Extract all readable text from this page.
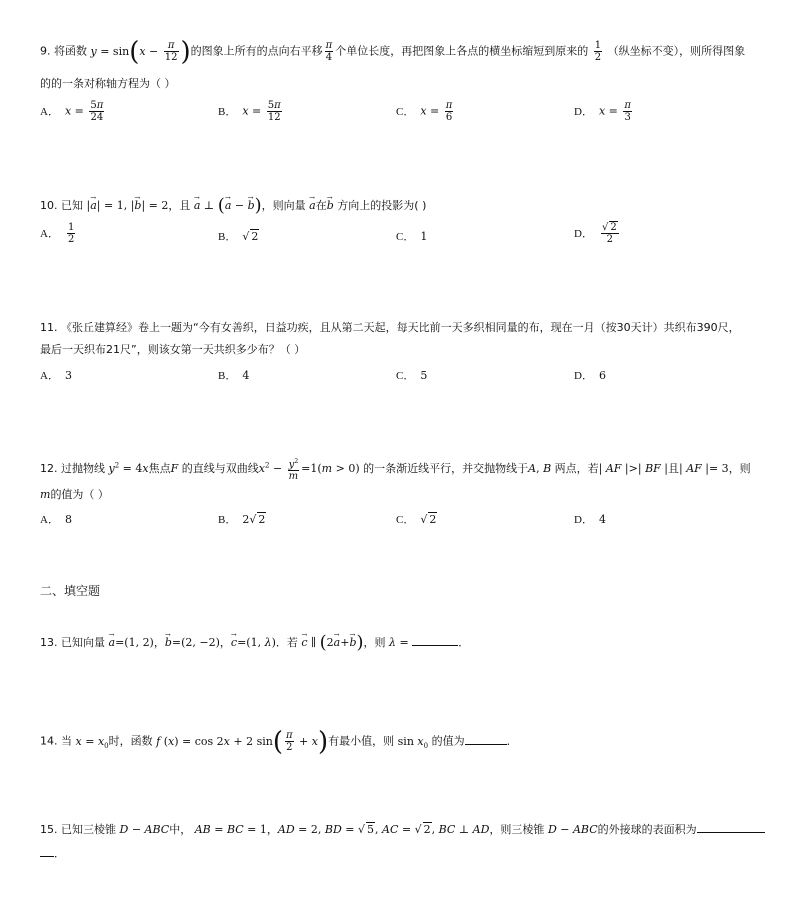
9. 将函数 $y = \sin(x - \frac{\pi}{12}$ )的图象上所有的点向右平移 $\frac{\pi}{4}$ 个单位长度，再把图象上各点的横坐标缩短到原来的 $\frac{1}{2}$ （纵坐标不变），则所得图象
的的一条对称轴方程为（ ）
A． $x = \frac{5\pi}{24}$	B． $x = \frac{5\pi}{12}$	C． $x = \frac{\pi}{6}$	D． $x = \frac{\pi}{3}$
10. 已知 |→ a| = 1, |→ b| = 2，且 → a ⊥ (→ a − → b)，则向量 → a在→ b 方向上的投影为( )
A． $\frac{1}{2}$	B． √ 2	C． 1	D． $\frac{√ 2}{2}$
11. 《张丘建算经》卷上一题为“今有女善织，日益功疾，且从第二天起，每天比前一天多织相同量的布，现在一月（按30天计）共织布390尺，
最后一天织布21尺”，则该女第一天共织多少布？（ ）
A． 3	B． 4	C． 5	D． 6
12. 过抛物线 $y^2 = 4x$焦点F 的直线与双曲线$x^2 - \frac{y^2}{m} =1(m > 0)$ 的一条渐近线平行，并交抛物线于A, B 两点，若| AF |>| BF |且| AF |= 3，则
m的值为（ ）
A． 8	B． 2√ 2	C． √ 2	D． 4
二、填空题
13. 已知向量 → a=(1, 2)，→ b=(2, −2)，→ c=(1, λ)．若 → c ∥ (2→ a+→ b)，则 λ =	．
14. 当 $x = x_0$时，函数 f (x) = cos 2x + 2 $\sin( \frac{\pi}{2} + x)$有最小值，则 $\sin x_0$ 的值为	．
15. 已知三棱锥 D − ABC中， AB = BC = 1，AD = 2, BD = √ 5, AC = √ 2, BC ⊥ AD，则三棱锥 D − ABC的外接球的表面积为
．
